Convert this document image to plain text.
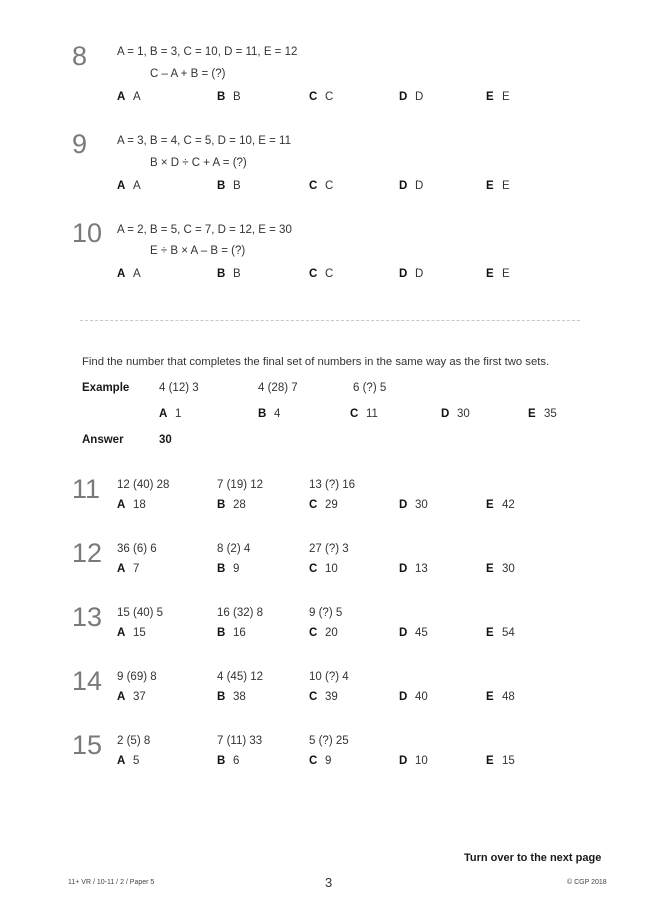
8	A = 1, B = 3, C = 10, D = 11, E = 12
C – A + B = (?)
A A	B B	C C	D D	E E
9	A = 3, B = 4, C = 5, D = 10, E = 11
B × D ÷ C + A = (?)
A A	B B	C C	D D	E E
10 A = 2, B = 5, C = 7, D = 12, E = 30
E ÷ B × A – B = (?)
A A	B B	C C	D D	E E
Find the number that completes the final set of numbers in the same way as the first two sets.
Example	4 (12) 3	4 (28) 7	6 (?) 5
A 1	B 4	C 11	D 30	E 35
Answer	30
11 12 (40) 28	7 (19) 12	13 (?) 16
A 18	B 28	C 29	D 30	E 42
12 36 (6) 6	8 (2) 4	27 (?) 3
A 7	B 9	C 10	D 13	E 30
13 15 (40) 5	16 (32) 8	9 (?) 5
A 15	B 16	C 20	D 45	E 54
14 9 (69) 8	4 (45) 12	10 (?) 4
A 37	B 38	C 39	D 40	E 48
15 2 (5) 8	7 (11) 33	5 (?) 25
A 5	B 6	C 9	D 10	E 15
Turn over to the next page
11+ VR / 10-11 / 2 / Paper 5	3	© CGP 2018
